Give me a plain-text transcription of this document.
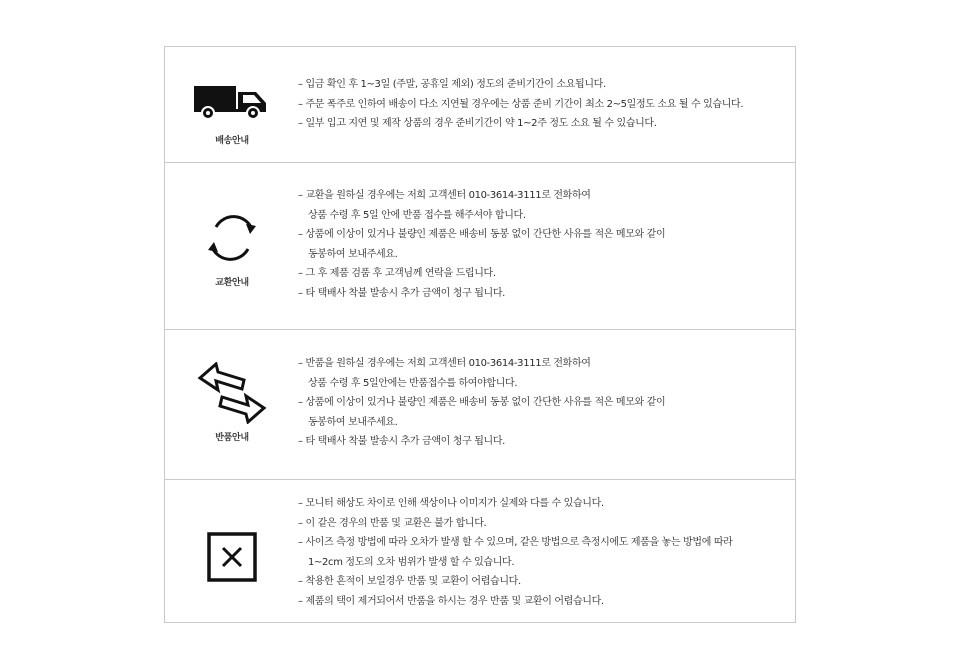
배송안내
– 입금 확인 후 1~3일 (주말, 공휴일 제외) 정도의 준비기간이 소요됩니다.
– 주문 폭주로 인하여 배송이 다소 지연될 경우에는 상품 준비 기간이 최소 2~5일정도 소요 될 수 있습니다.
– 일부 입고 지연 및 제작 상품의 경우 준비기간이 약 1~2주 정도 소요 될 수 있습니다.
교환안내
– 교환을 원하실 경우에는 저희 고객센터 010-3614-3111로 전화하여
상품 수령 후 5일 안에 반품 접수를 해주셔야 합니다.
– 상품에 이상이 있거나 불량인 제품은 배송비 동봉 없이 간단한 사유를 적은 메모와 같이
동봉하여 보내주세요.
– 그 후 제품 검품 후 고객님께 연락을 드립니다.
– 타 택배사 착불 발송시 추가 금액이 청구 됩니다.
반품안내
– 반품을 원하실 경우에는 저희 고객센터 010-3614-3111로 전화하여
상품 수령 후 5일안에는 반품접수를 하여야합니다.
– 상품에 이상이 있거나 불량인 제품은 배송비 동봉 없이 간단한 사유를 적은 메모와 같이
동봉하여 보내주세요.
– 타 택배사 착불 발송시 추가 금액이 청구 됩니다.
– 모니터 해상도 차이로 인해 색상이나 이미지가 실제와 다를 수 있습니다.
– 이 같은 경우의 반품 및 교환은 불가 합니다.
– 사이즈 측정 방법에 따라 오차가 발생 할 수 있으며, 같은 방법으로 측정시에도 제품을 놓는 방법에 따라
1~2cm 정도의 오차 범위가 발생 할 수 있습니다.
– 착용한 흔적이 보일경우 반품 및 교환이 어렵습니다.
– 제품의 택이 제거되어서 반품을 하시는 경우 반품 및 교환이 어렵습니다.
